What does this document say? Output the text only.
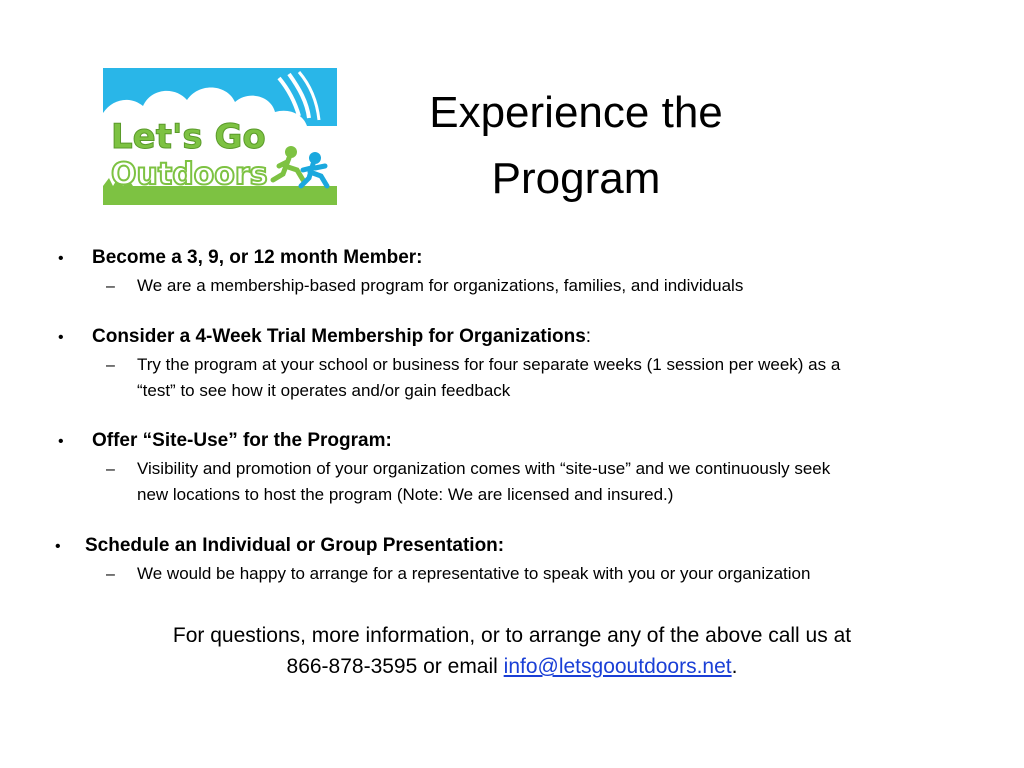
Let's Go
Outdoors
Experience the
Program
• Become a 3, 9, or 12 month Member:
– We are a membership-based program for organizations, families, and individuals
• Consider a 4-Week Trial Membership for Organizations:
– Try the program at your school or business for four separate weeks (1 session per week) as a
“test” to see how it operates and/or gain feedback
• Offer “Site-Use” for the Program:
– Visibility and promotion of your organization comes with “site-use” and we continuously seek
new locations to host the program (Note: We are licensed and insured.)
• Schedule an Individual or Group Presentation:
– We would be happy to arrange for a representative to speak with you or your organization
For questions, more information, or to arrange any of the above call us at
866-878-3595 or email info@letsgooutdoors.net.
